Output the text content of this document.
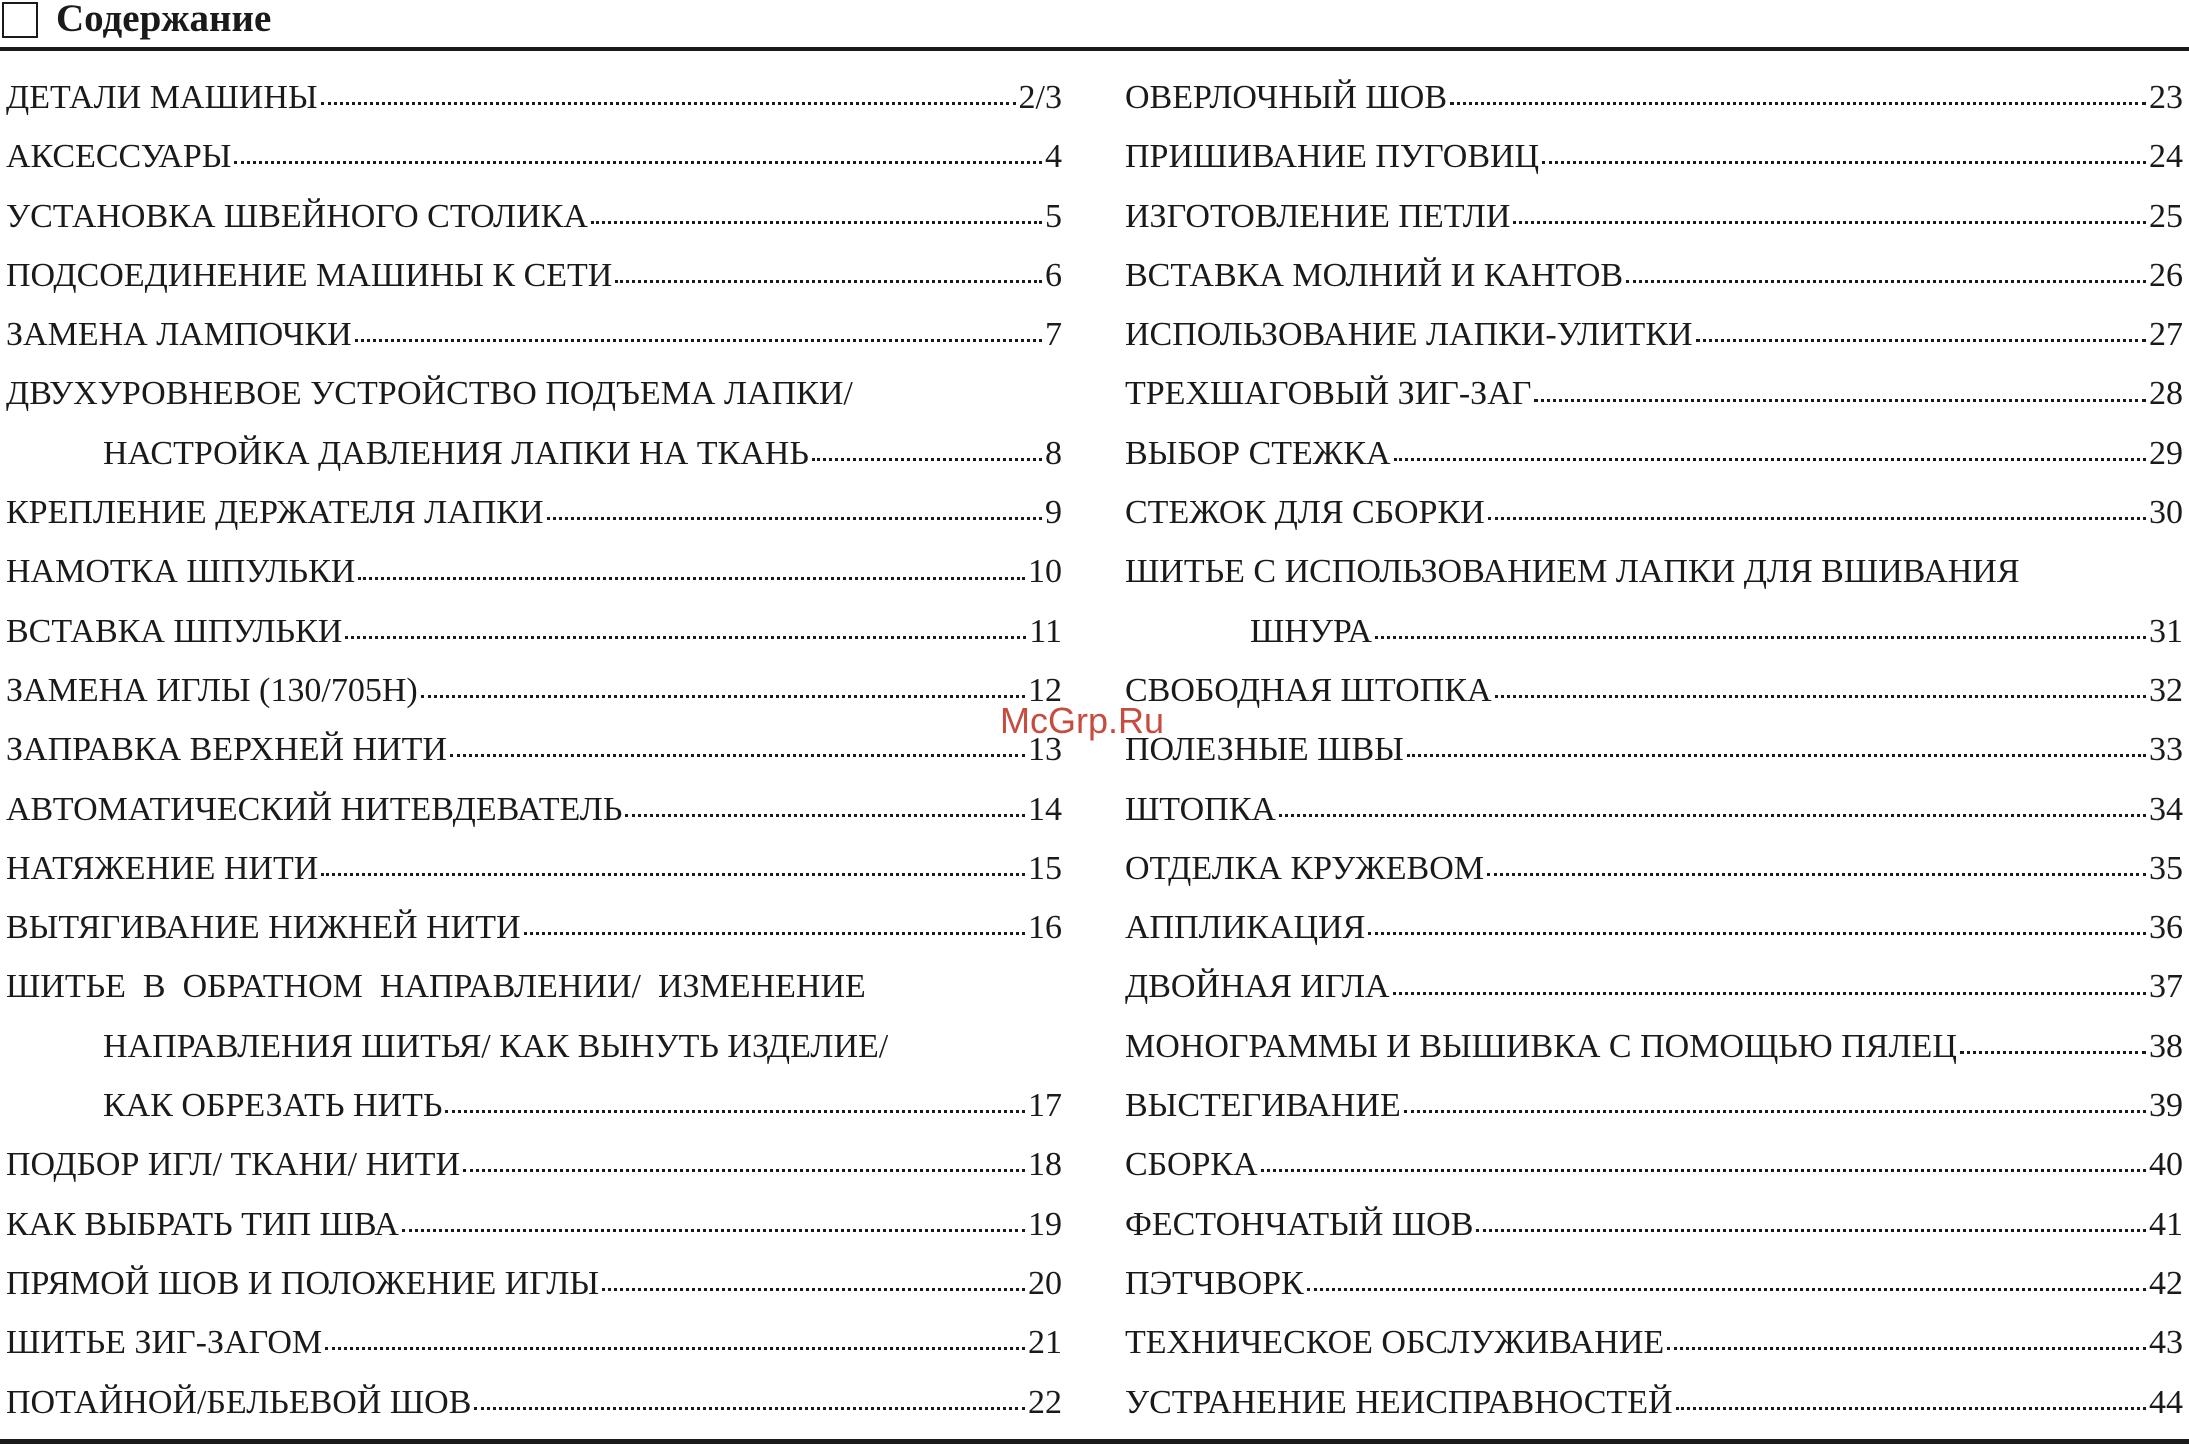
Содержание
ДЕТАЛИ МАШИНЫ	2/3
АКСЕССУАРЫ	4
УСТАНОВКА ШВЕЙНОГО СТОЛИКА	5
ПОДСОЕДИНЕНИЕ МАШИНЫ К СЕТИ	6
ЗАМЕНА ЛАМПОЧКИ	7
ДВУХУРОВНЕВОЕ УСТРОЙСТВО ПОДЪЕМА ЛАПКИ/
НАСТРОЙКА ДАВЛЕНИЯ ЛАПКИ НА ТКАНЬ	8
КРЕПЛЕНИЕ ДЕРЖАТЕЛЯ ЛАПКИ	9
НАМОТКА ШПУЛЬКИ	10
ВСТАВКА ШПУЛЬКИ	11
ЗАМЕНА ИГЛЫ (130/705H)	12
ЗАПРАВКА ВЕРХНЕЙ НИТИ	13
АВТОМАТИЧЕСКИЙ НИТЕВДЕВАТЕЛЬ	14
НАТЯЖЕНИЕ НИТИ	15
ВЫТЯГИВАНИЕ НИЖНЕЙ НИТИ	16
ШИТЬЕ  В  ОБРАТНОМ  НАПРАВЛЕНИИ/  ИЗМЕНЕНИЕ
НАПРАВЛЕНИЯ ШИТЬЯ/ КАК ВЫНУТЬ ИЗДЕЛИЕ/
КАК ОБРЕЗАТЬ НИТЬ	17
ПОДБОР ИГЛ/ ТКАНИ/ НИТИ	18
КАК ВЫБРАТЬ ТИП ШВА	19
ПРЯМОЙ ШОВ И ПОЛОЖЕНИЕ ИГЛЫ	20
ШИТЬЕ ЗИГ-ЗАГОМ	21
ПОТАЙНОЙ/БЕЛЬЕВОЙ ШОВ	22
ОВЕРЛОЧНЫЙ ШОВ	23
ПРИШИВАНИЕ ПУГОВИЦ	24
ИЗГОТОВЛЕНИЕ ПЕТЛИ	25
ВСТАВКА МОЛНИЙ И КАНТОВ	26
ИСПОЛЬЗОВАНИЕ ЛАПКИ-УЛИТКИ	27
ТРЕХШАГОВЫЙ ЗИГ-ЗАГ	28
ВЫБОР СТЕЖКА	29
СТЕЖОК ДЛЯ СБОРКИ	30
ШИТЬЕ С ИСПОЛЬЗОВАНИЕМ ЛАПКИ ДЛЯ ВШИВАНИЯ
ШНУРА	31
СВОБОДНАЯ ШТОПКА	32
ПОЛЕЗНЫЕ ШВЫ	33
ШТОПКА	34
ОТДЕЛКА КРУЖЕВОМ	35
АППЛИКАЦИЯ	36
ДВОЙНАЯ ИГЛА	37
МОНОГРАММЫ И ВЫШИВКА С ПОМОЩЬЮ ПЯЛЕЦ	38
ВЫСТЕГИВАНИЕ	39
СБОРКА	40
ФЕСТОНЧАТЫЙ ШОВ	41
ПЭТЧВОРК	42
ТЕХНИЧЕСКОЕ ОБСЛУЖИВАНИЕ	43
УСТРАНЕНИЕ НЕИСПРАВНОСТЕЙ	44
McGrp.Ru
